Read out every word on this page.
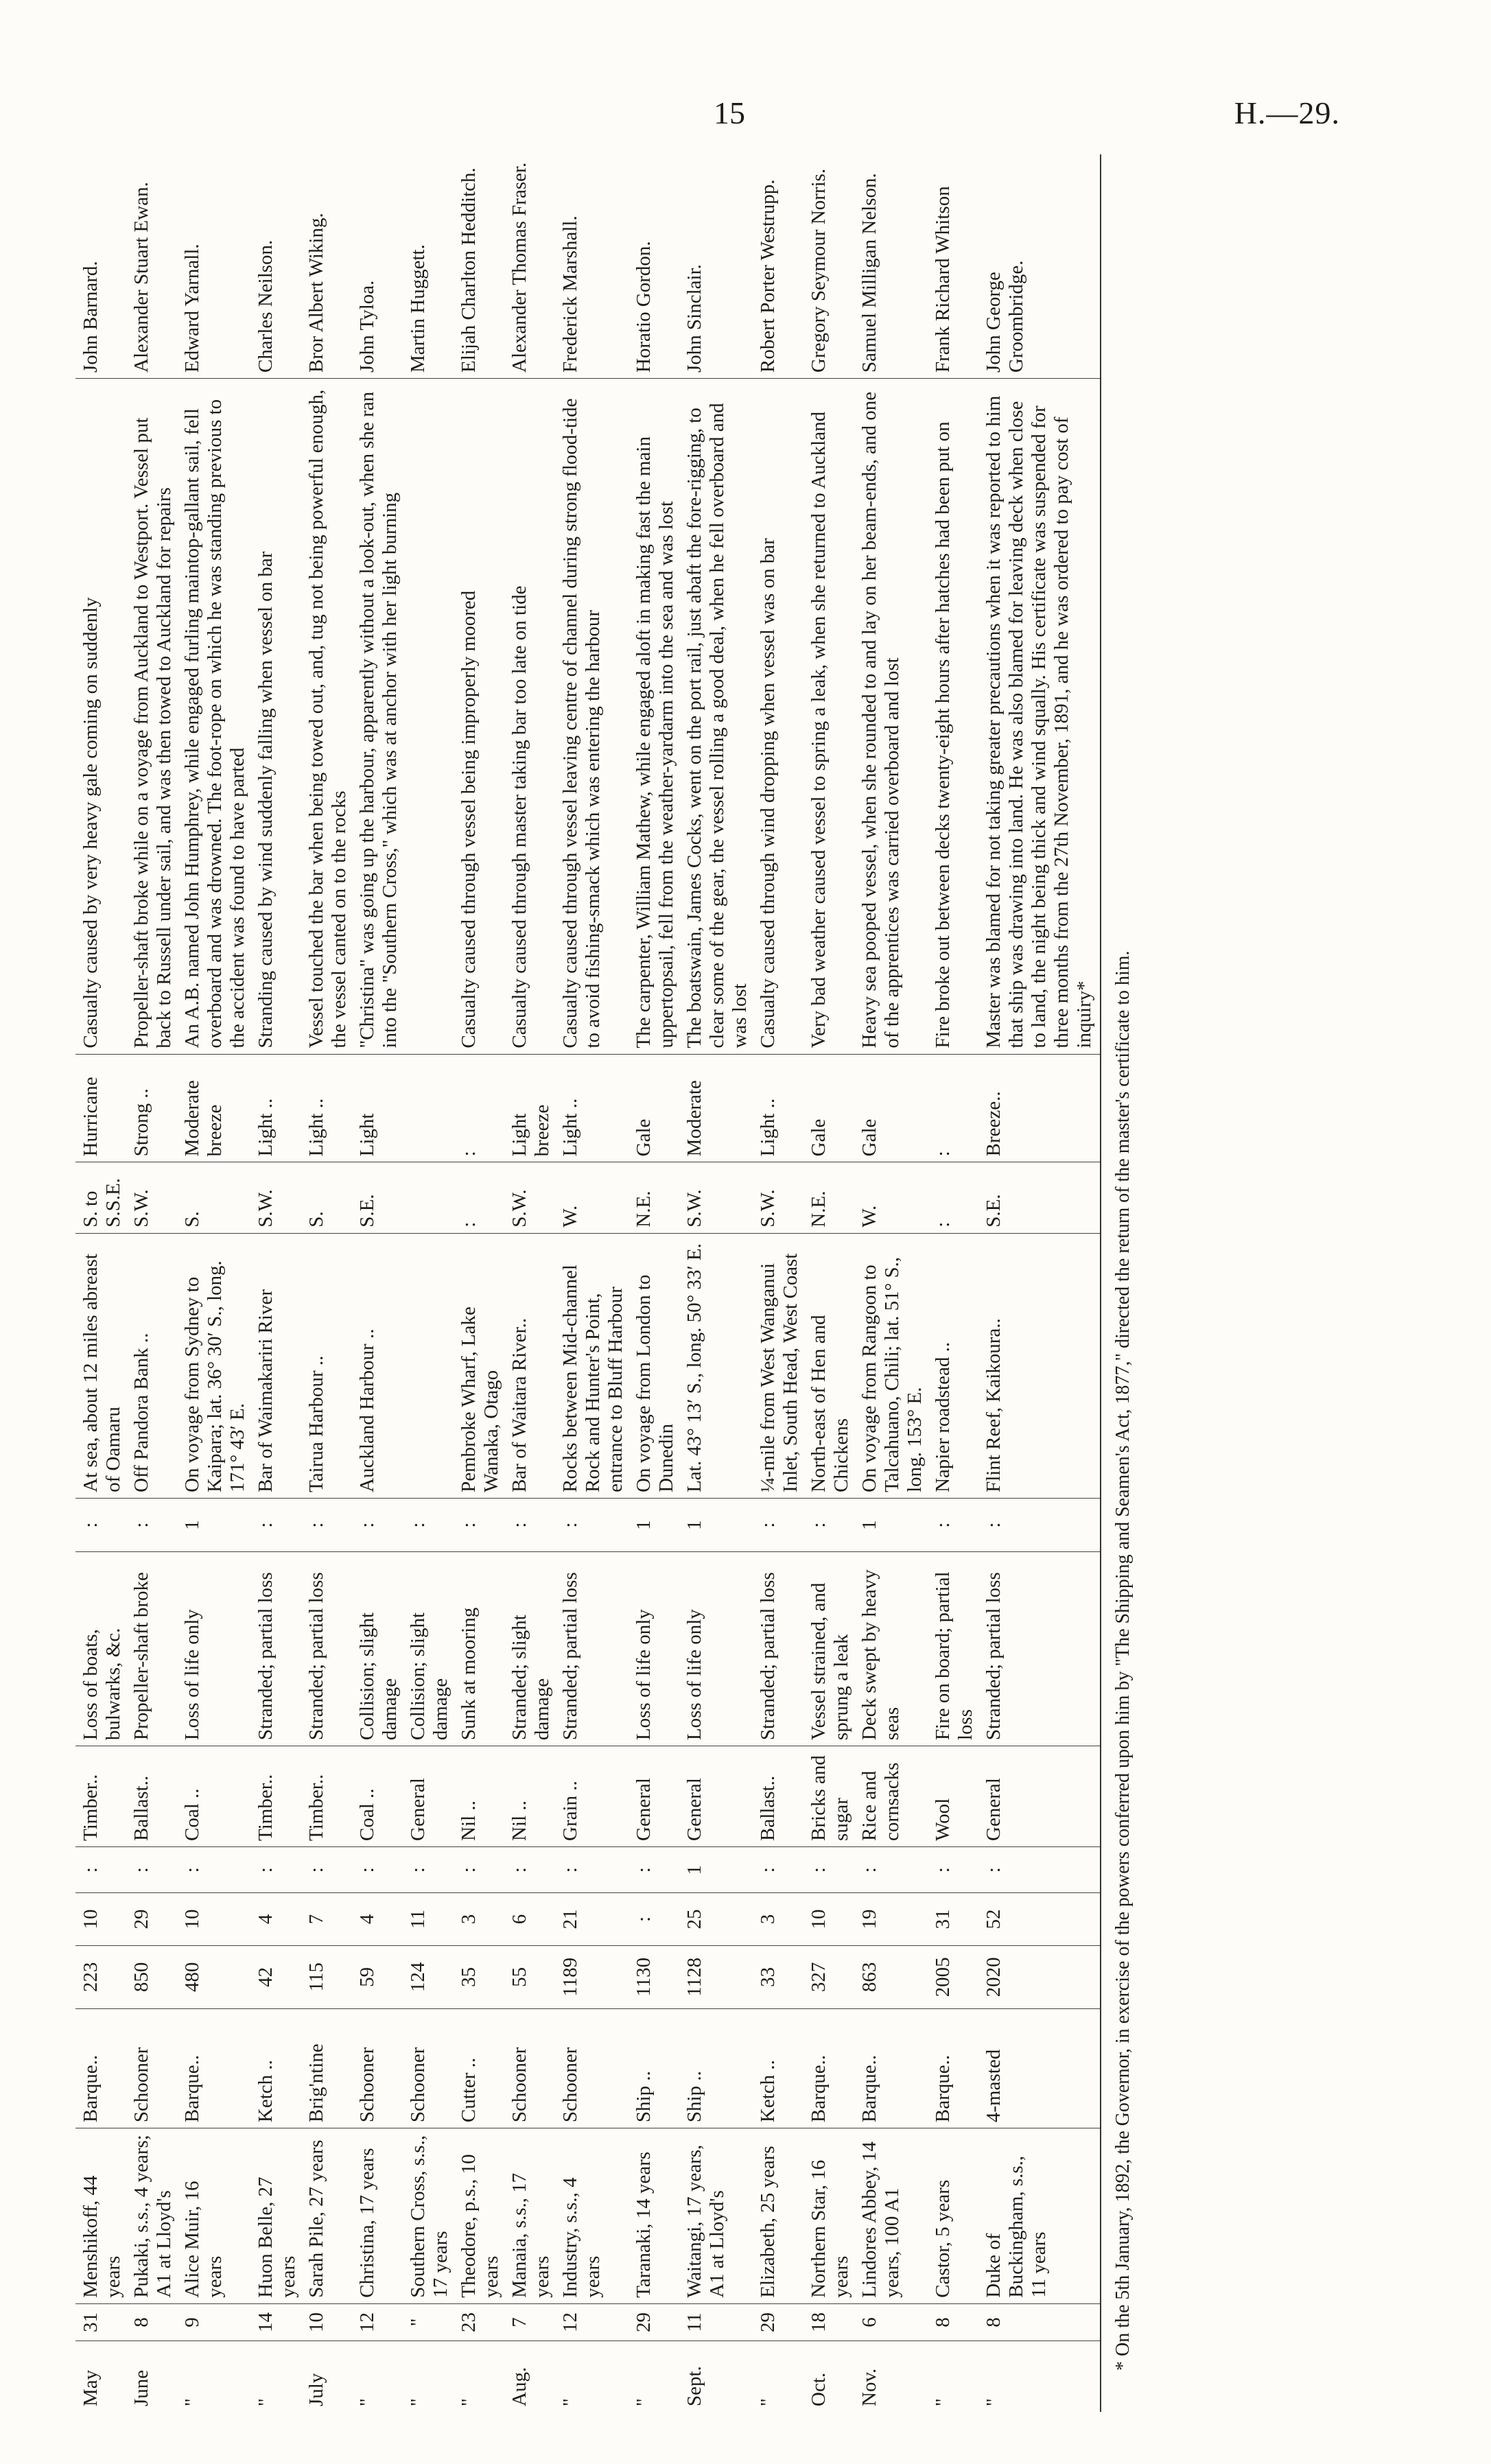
15	H.—29.
May	31	Menshikoff, 44 years	Barque..	223	10	:	Timber..	Loss of boats, bulwarks, &c.	:	At sea, about 12 miles abreast of Oamaru	S. to S.S.E.	Hurricane	Casualty caused by very heavy gale coming on suddenly	John Barnard.
June	8	Pukaki, s.s., 4 years; A1 at Lloyd's	Schooner	850	29	:	Ballast..	Propeller-shaft broke	:	Off Pandora Bank ..	S.W.	Strong ..	Propeller-shaft broke while on a voyage from Auckland to Westport. Vessel put back to Russell under sail, and was then towed to Auckland for repairs	Alexander Stuart Ewan.
"	9	Alice Muir, 16 years	Barque..	480	10	:	Coal ..	Loss of life only	1	On voyage from Sydney to Kaipara; lat. 36° 30′ S., long. 171° 43′ E.	S.	Moderate breeze	An A.B. named John Humphrey, while engaged furling maintop-gallant sail, fell overboard and was drowned. The foot-rope on which he was standing previous to the accident was found to have parted	Edward Yarnall.
"	14	Huon Belle, 27 years	Ketch ..	42	4	:	Timber..	Stranded; partial loss	:	Bar of Waimakariri River	S.W.	Light ..	Stranding caused by wind suddenly falling when vessel on bar	Charles Neilson.
July	10	Sarah Pile, 27 years	Brig'ntine	115	7	:	Timber..	Stranded; partial loss	:	Tairua Harbour ..	S.	Light ..	Vessel touched the bar when being towed out, and, tug not being powerful enough, the vessel canted on to the rocks	Bror Albert Wiking.
"	12	Christina, 17 years	Schooner	59	4	:	Coal ..	Collision; slight damage	:	Auckland Harbour ..	S.E.	Light	"Christina" was going up the harbour, apparently without a look-out, when she ran into the "Southern Cross," which was at anchor with her light burning	John Tyloa.
"	"	Southern Cross, s.s., 17 years	Schooner	124	11	:	General	Collision; slight damage	:					Martin Huggett.
"	23	Theodore, p.s., 10 years	Cutter ..	35	3	:	Nil ..	Sunk at mooring	:	Pembroke Wharf, Lake Wanaka, Otago	:	:	Casualty caused through vessel being improperly moored	Elijah Charlton Hedditch.
Aug.	7	Manaia, s.s., 17 years	Schooner	55	6	:	Nil ..	Stranded; slight damage	:	Bar of Waitara River..	S.W.	Light breeze	Casualty caused through master taking bar too late on tide	Alexander Thomas Fraser.
"	12	Industry, s.s., 4 years	Schooner	1189	21	:	Grain ..	Stranded; partial loss	:	Rocks between Mid-channel Rock and Hunter's Point, entrance to Bluff Harbour	W.	Light ..	Casualty caused through vessel leaving centre of channel during strong flood-tide to avoid fishing-smack which was entering the harbour	Frederick Marshall.
"	29	Taranaki, 14 years	Ship ..	1130	:	:	General	Loss of life only	1	On voyage from London to Dunedin	N.E.	Gale	The carpenter, William Mathew, while engaged aloft in making fast the main uppertopsail, fell from the weather-yardarm into the sea and was lost	Horatio Gordon.
Sept.	11	Waitangi, 17 years, A1 at Lloyd's	Ship ..	1128	25	1	General	Loss of life only	1	Lat. 43° 13′ S., long. 50° 33′ E.	S.W.	Moderate	The boatswain, James Cocks, went on the port rail, just abaft the fore-rigging, to clear some of the gear, the vessel rolling a good deal, when he fell overboard and was lost	John Sinclair.
"	29	Elizabeth, 25 years	Ketch ..	33	3	:	Ballast..	Stranded; partial loss	:	¼-mile from West Wanganui Inlet, South Head, West Coast	S.W.	Light ..	Casualty caused through wind dropping when vessel was on bar	Robert Porter Westrupp.
Oct.	18	Northern Star, 16 years	Barque..	327	10	:	Bricks and sugar	Vessel strained, and sprung a leak	:	North-east of Hen and Chickens	N.E.	Gale	Very bad weather caused vessel to spring a leak, when she returned to Auckland	Gregory Seymour Norris.
Nov.	6	Lindores Abbey, 14 years, 100 A1	Barque..	863	19	:	Rice and cornsacks	Deck swept by heavy seas	1	On voyage from Rangoon to Talcahuano, Chili; lat. 51° S., long. 153° E.	W.	Gale	Heavy sea pooped vessel, when she rounded to and lay on her beam-ends, and one of the apprentices was carried overboard and lost	Samuel Milligan Nelson.
"	8	Castor, 5 years	Barque..	2005	31	:	Wool	Fire on board; partial loss	:	Napier roadstead ..	:	:	Fire broke out between decks twenty-eight hours after hatches had been put on	Frank Richard Whitson
"	8	Duke of Buckingham, s.s., 11 years	4-masted	2020	52	:	General	Stranded; partial loss	:	Flint Reef, Kaikoura..	S.E.	Breeze..	Master was blamed for not taking greater precautions when it was reported to him that ship was drawing into land. He was also blamed for leaving deck when close to land, the night being thick and wind squally. His certificate was suspended for three months from the 27th November, 1891, and he was ordered to pay cost of inquiry*	John George Groombridge.
* On the 5th January, 1892, the Governor, in exercise of the powers conferred upon him by "The Shipping and Seamen's Act, 1877," directed the return of the master's certificate to him.
